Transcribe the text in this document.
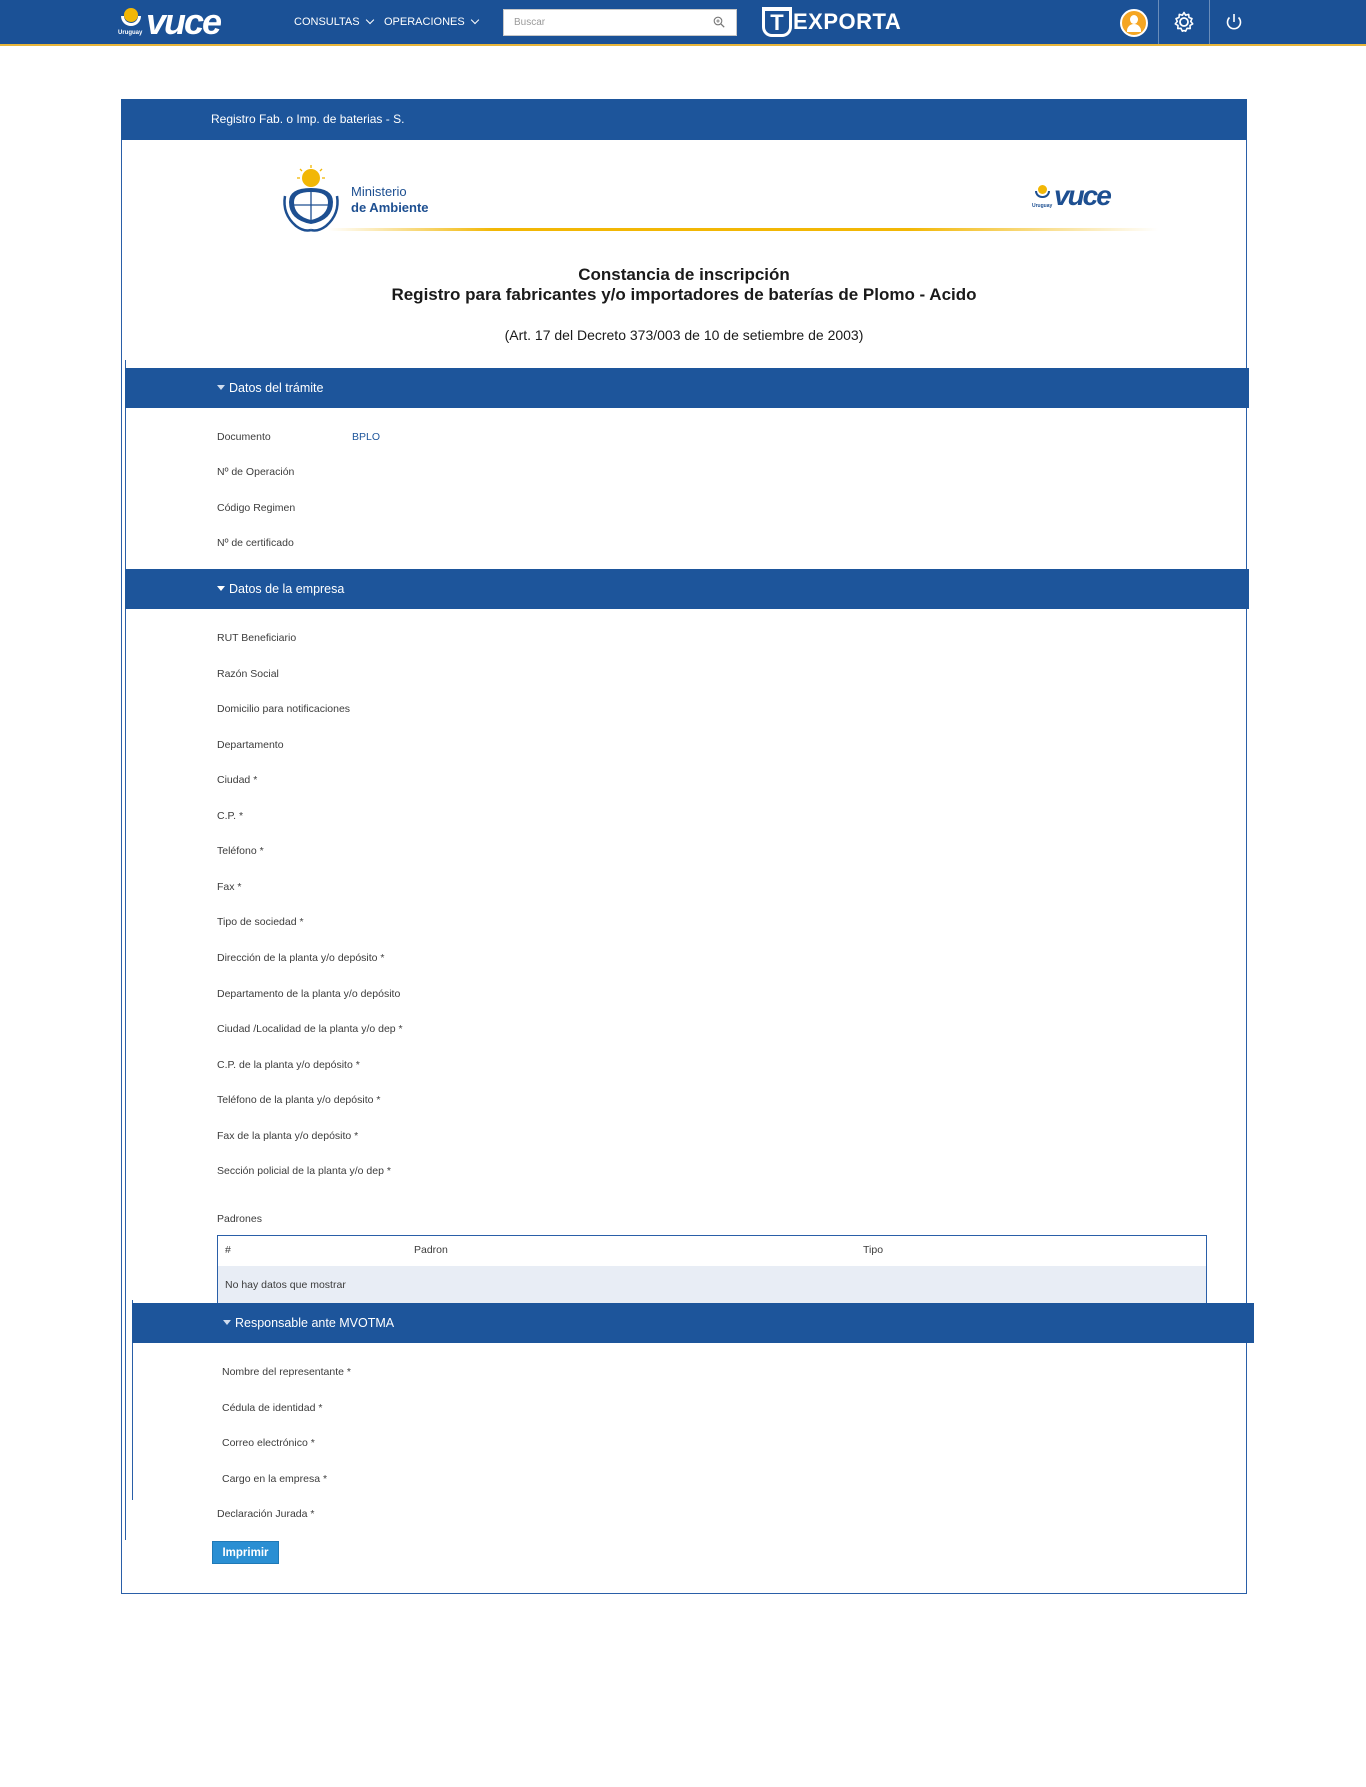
Uruguay vuce	CONSULTAS OPERACIONES
Buscar	T EXPORTA
Registro Fab. o Imp. de baterias - S.
Ministerio
de Ambiente	Uruguay vuce
Constancia de inscripción
Registro para fabricantes y/o importadores de baterías de Plomo - Acido
(Art. 17 del Decreto 373/003 de 10 de setiembre de 2003)
Datos del trámite
Documento	BPLO
Nº de Operación
Código Regimen
Nº de certificado
Datos de la empresa
RUT Beneficiario
Razón Social
Domicilio para notificaciones
Departamento
Ciudad *
C.P. *
Teléfono *
Fax *
Tipo de sociedad *
Dirección de la planta y/o depósito *
Departamento de la planta y/o depósito
Ciudad /Localidad de la planta y/o dep *
C.P. de la planta y/o depósito *
Teléfono de la planta y/o depósito *
Fax de la planta y/o depósito *
Sección policial de la planta y/o dep *
Padrones
#	Padron	Tipo
No hay datos que mostrar
Responsable ante MVOTMA
Nombre del representante *
Cédula de identidad *
Correo electrónico *
Cargo en la empresa *
Declaración Jurada *
Imprimir
